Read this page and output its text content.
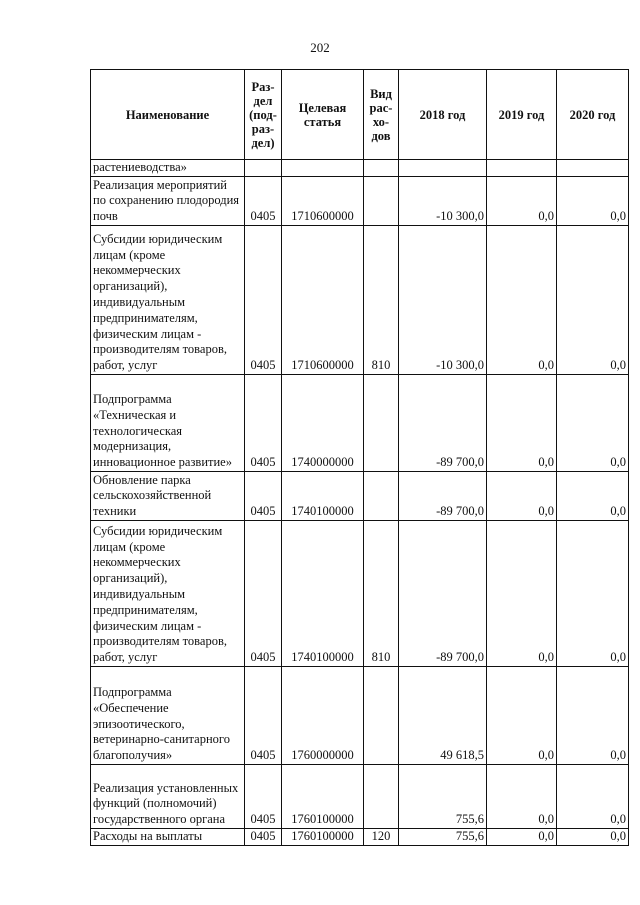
202
Наименование	Раз-
дел
(под-
раз-
дел)	Целевая
статья	Вид
рас-
хо-
дов	2018 год	2019 год	2020 год
растениеводства»						
Реализация мероприятий по сохранению плодородия почв	0405	1710600000		-10 300,0	0,0	0,0
Субсидии юридическим лицам (кроме некоммерческих организаций), индивидуальным предпринимателям, физическим лицам - производителям товаров, работ, услуг	0405	1710600000	810	-10 300,0	0,0	0,0
Подпрограмма «Техническая и технологическая модернизация, инновационное развитие»	0405	1740000000		-89 700,0	0,0	0,0
Обновление парка сельскохозяйственной техники	0405	1740100000		-89 700,0	0,0	0,0
Субсидии юридическим лицам (кроме некоммерческих организаций), индивидуальным предпринимателям, физическим лицам - производителям товаров, работ, услуг	0405	1740100000	810	-89 700,0	0,0	0,0
Подпрограмма «Обеспечение эпизоотического, ветеринарно-санитарного благополучия»	0405	1760000000		49 618,5	0,0	0,0
Реализация установленных функций (полномочий) государственного органа	0405	1760100000		755,6	0,0	0,0
Расходы на выплаты	0405	1760100000	120	755,6	0,0	0,0
